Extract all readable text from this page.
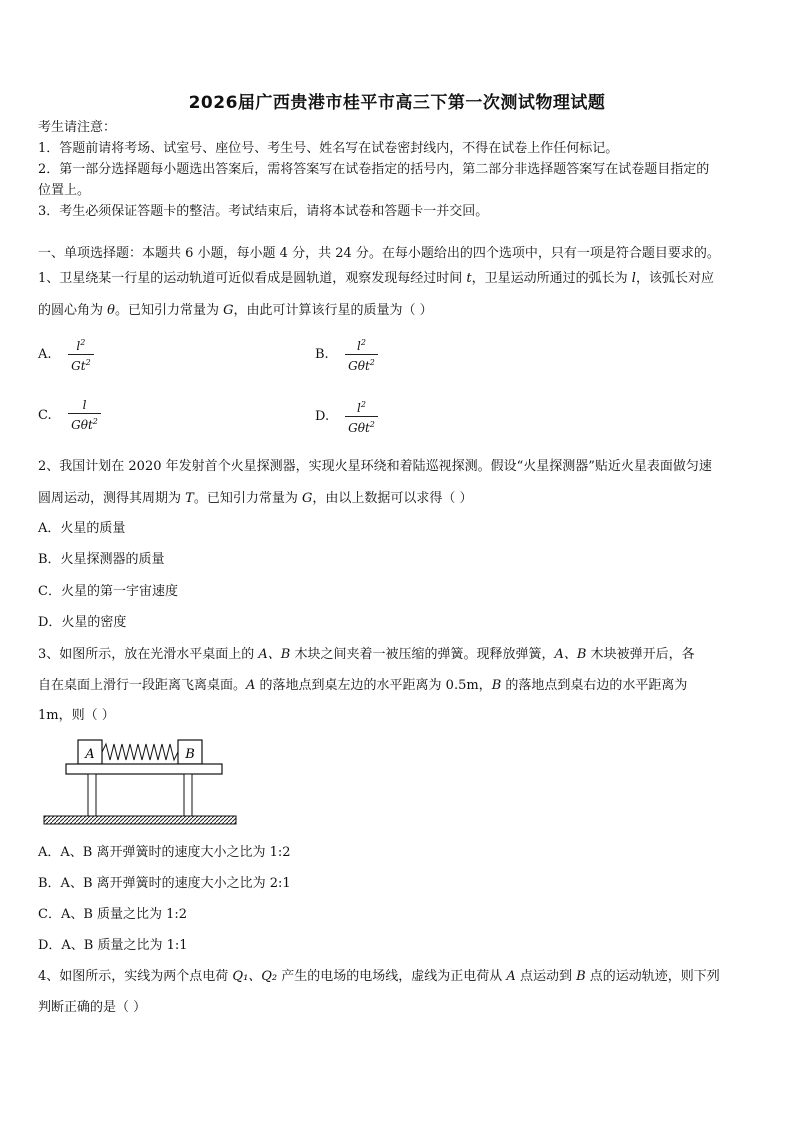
2026届广西贵港市桂平市高三下第一次测试物理试题
考生请注意：
1．答题前请将考场、试室号、座位号、考生号、姓名写在试卷密封线内，不得在试卷上作任何标记。
2．第一部分选择题每小题选出答案后，需将答案写在试卷指定的括号内，第二部分非选择题答案写在试卷题目指定的
位置上。
3．考生必须保证答题卡的整洁。考试结束后，请将本试卷和答题卡一并交回。
一、单项选择题：本题共 6 小题，每小题 4 分，共 24 分。在每小题给出的四个选项中，只有一项是符合题目要求的。
1、卫星绕某一行星的运动轨道可近似看成是圆轨道，观察发现每经过时间 t，卫星运动所通过的弧长为 l，该弧长对应
的圆心角为 θ。已知引力常量为 G，由此可计算该行星的质量为（ ）
A. $\frac{l^2}{Gt^2}$	B. $\frac{l^2}{G\theta t^2}$
C. $\frac{l}{G\theta t^2}$	D. $\frac{l^2}{G\theta t^2}$
2、我国计划在 2020 年发射首个火星探测器，实现火星环绕和着陆巡视探测。假设“火星探测器”贴近火星表面做匀速
圆周运动，测得其周期为 T。已知引力常量为 G，由以上数据可以求得（ ）
A．火星的质量
B．火星探测器的质量
C．火星的第一宇宙速度
D．火星的密度
3、如图所示，放在光滑水平桌面上的 A、B 木块之间夹着一被压缩的弹簧。现释放弹簧，A、B 木块被弹开后，各
自在桌面上滑行一段距离飞离桌面。A 的落地点到桌左边的水平距离为 0.5m，B 的落地点到桌右边的水平距离为
1m，则（ ）
A	B
A．A、B 离开弹簧时的速度大小之比为 1:2
B．A、B 离开弹簧时的速度大小之比为 2:1
C．A、B 质量之比为 1:2
D．A、B 质量之比为 1:1
4、如图所示，实线为两个点电荷 Q₁、Q₂ 产生的电场的电场线，虚线为正电荷从 A 点运动到 B 点的运动轨迹，则下列
判断正确的是（ ）
